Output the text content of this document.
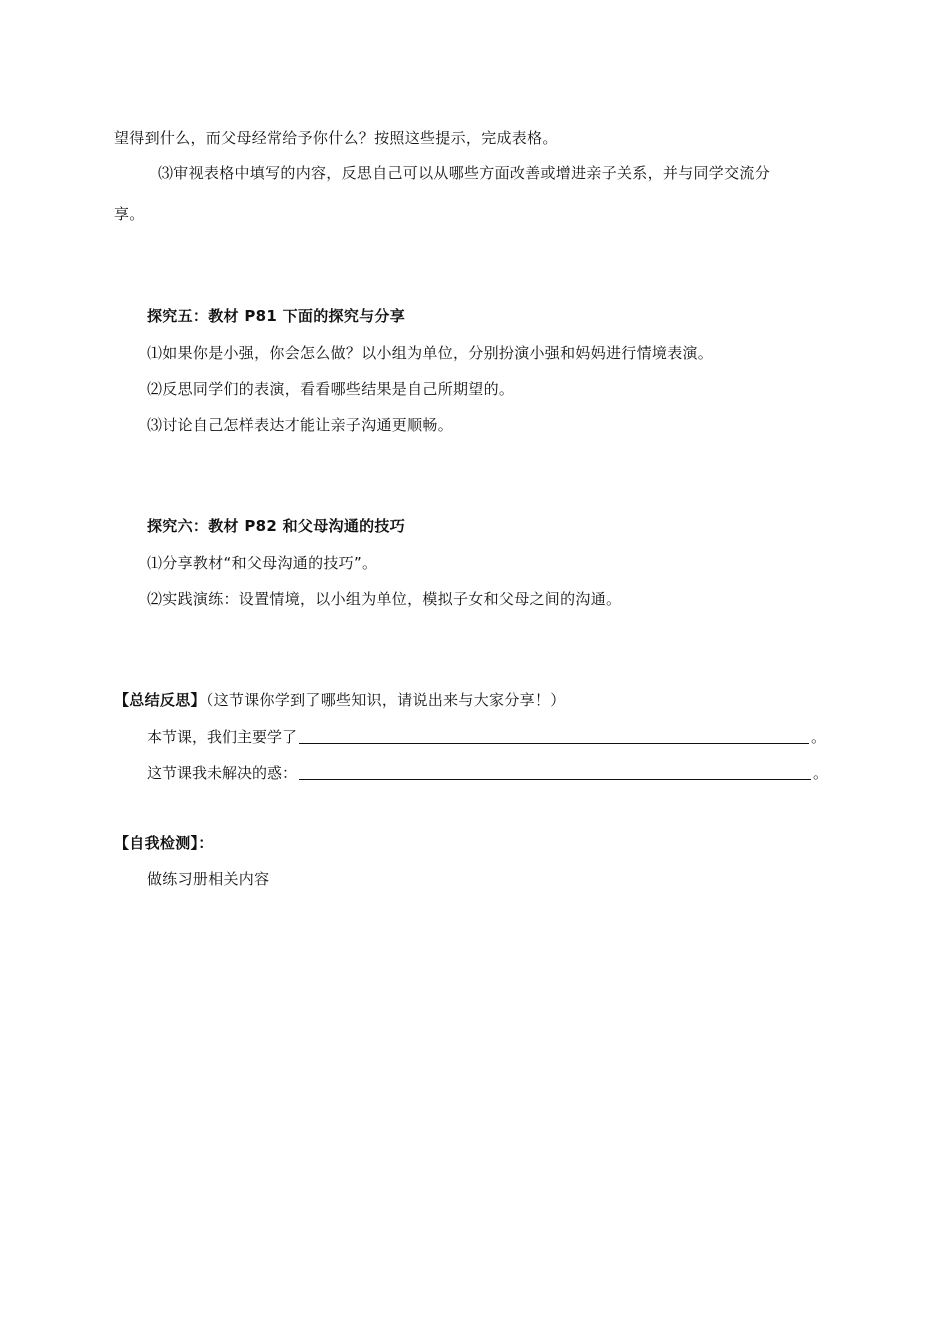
望得到什么，而父母经常给予你什么？按照这些提示，完成表格。
⑶审视表格中填写的内容，反思自己可以从哪些方面改善或增进亲子关系，并与同学交流分
享。
探究五：教材 P81 下面的探究与分享
⑴如果你是小强，你会怎么做？以小组为单位，分别扮演小强和妈妈进行情境表演。
⑵反思同学们的表演，看看哪些结果是自己所期望的。
⑶讨论自己怎样表达才能让亲子沟通更顺畅。
探究六：教材 P82 和父母沟通的技巧
⑴分享教材“和父母沟通的技巧”。
⑵实践演练：设置情境，以小组为单位，模拟子女和父母之间的沟通。
【总结反思】（这节课你学到了哪些知识，请说出来与大家分享！）
本节课，我们主要学了	。
这节课我未解决的惑：	。
【自我检测】：
做练习册相关内容
